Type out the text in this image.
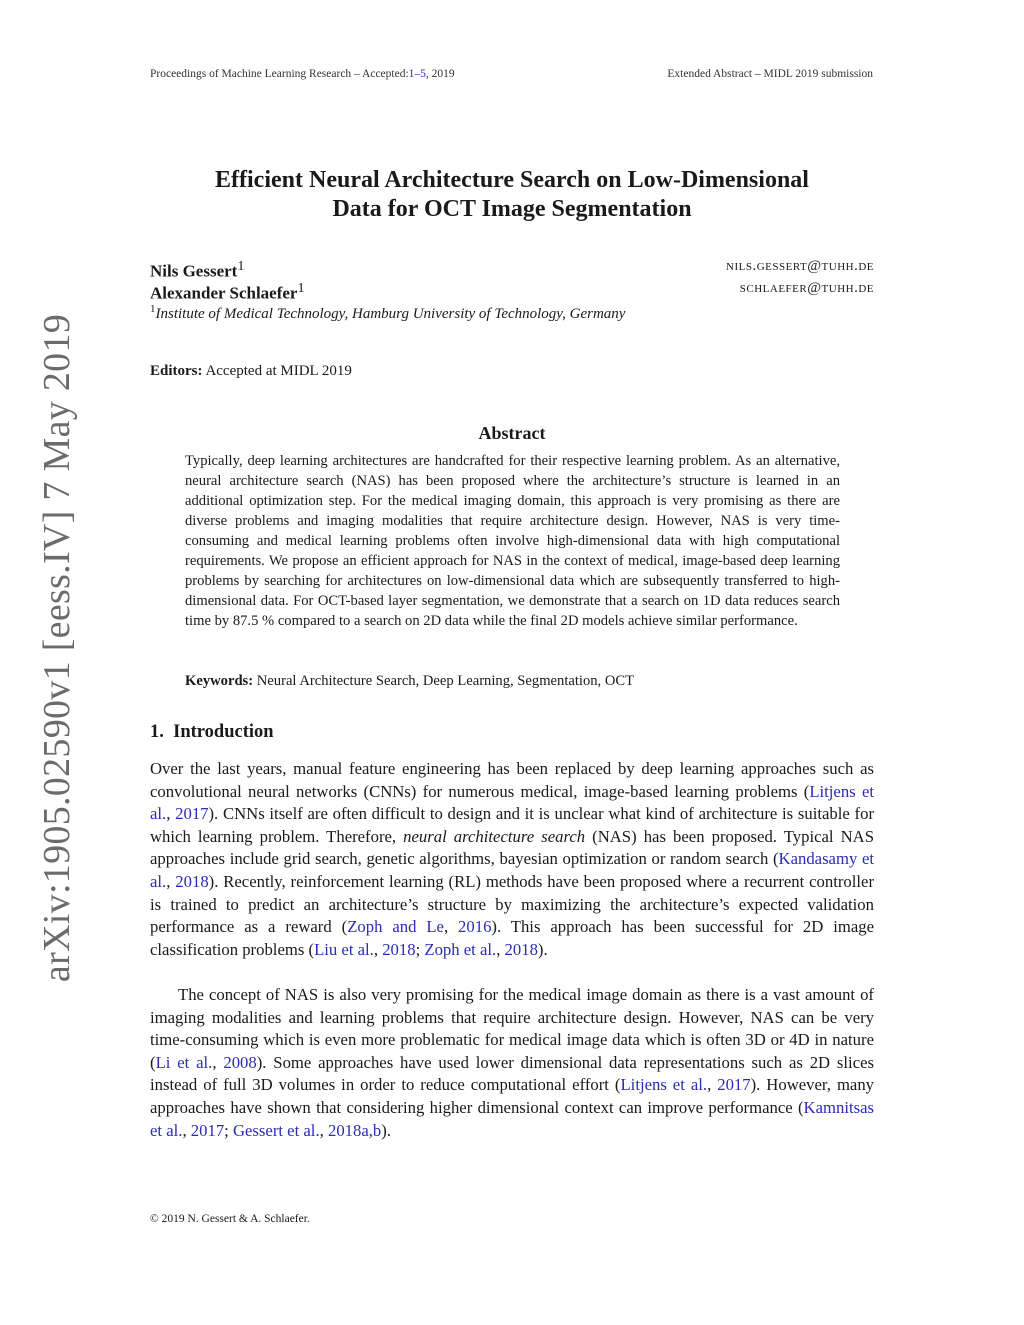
Proceedings of Machine Learning Research – Accepted:1–5, 2019	Extended Abstract – MIDL 2019 submission
arXiv:1905.02590v1 [eess.IV] 7 May 2019
Efficient Neural Architecture Search on Low-Dimensional
Data for OCT Image Segmentation
Nils Gessert$^1$	nils.gessert@tuhh.de
Alexander Schlaefer$^1$	schlaefer@tuhh.de
$^1$Institute of Medical Technology, Hamburg University of Technology, Germany
Editors: Accepted at MIDL 2019
Abstract
Typically, deep learning architectures are handcrafted for their respective learning problem. As an alternative, neural architecture search (NAS) has been proposed where the architecture’s structure is learned in an additional optimization step. For the medical imaging domain, this approach is very promising as there are diverse problems and imaging modalities that require architecture design. However, NAS is very time-consuming and medical learning problems often involve high-dimensional data with high computational requirements. We propose an efficient approach for NAS in the context of medical, image-based deep learning problems by searching for architectures on low-dimensional data which are subsequently transferred to high-dimensional data. For OCT-based layer segmentation, we demonstrate that a search on 1D data reduces search time by 87.5 % compared to a search on 2D data while the final 2D models achieve similar performance.
Keywords: Neural Architecture Search, Deep Learning, Segmentation, OCT
1. Introduction
Over the last years, manual feature engineering has been replaced by deep learning approaches such as convolutional neural networks (CNNs) for numerous medical, image-based learning problems (Litjens et al., 2017). CNNs itself are often difficult to design and it is unclear what kind of architecture is suitable for which learning problem. Therefore, neural architecture search (NAS) has been proposed. Typical NAS approaches include grid search, genetic algorithms, bayesian optimization or random search (Kandasamy et al., 2018). Recently, reinforcement learning (RL) methods have been proposed where a recurrent controller is trained to predict an architecture’s structure by maximizing the architecture’s expected validation performance as a reward (Zoph and Le, 2016). This approach has been successful for 2D image classification problems (Liu et al., 2018; Zoph et al., 2018).
The concept of NAS is also very promising for the medical image domain as there is a vast amount of imaging modalities and learning problems that require architecture design. However, NAS can be very time-consuming which is even more problematic for medical image data which is often 3D or 4D in nature (Li et al., 2008). Some approaches have used lower dimensional data representations such as 2D slices instead of full 3D volumes in order to reduce computational effort (Litjens et al., 2017). However, many approaches have shown that considering higher dimensional context can improve performance (Kamnitsas et al., 2017; Gessert et al., 2018a,b).
© 2019 N. Gessert & A. Schlaefer.
